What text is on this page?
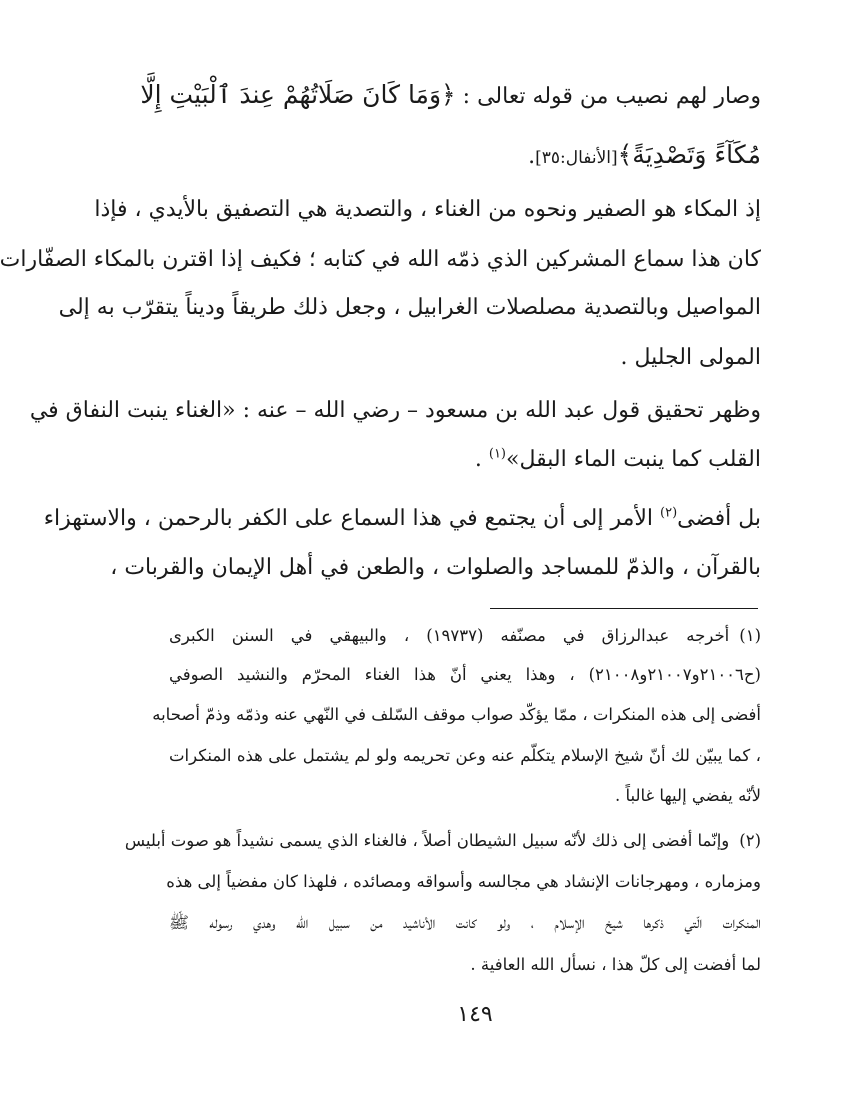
وصار لهم نصيب من قوله تعالى : ﴿وَمَا كَانَ صَلَاتُهُمْ عِندَ ٱلْبَيْتِ إِلَّا
مُكَآءً وَتَصْدِيَةً﴾[الأنفال:٣٥].
إذ المكاء هو الصفير ونحوه من الغناء ، والتصدية هي التصفيق بالأيدي ، فإذا
كان هذا سماع المشركين الذي ذمّه الله في كتابه ؛ فكيف إذا اقترن بالمكاء الصفّارات
المواصيل وبالتصدية مصلصلات الغرابيل ، وجعل ذلك طريقاً وديناً يتقرّب به إلى
المولى الجليل .
وظهر تحقيق قول عبد الله بن مسعود – رضي الله – عنه : «الغناء ينبت النفاق في
القلب كما ينبت الماء البقل»$^{(١)}$ .
بل أفضى$^{(٢)}$ الأمر إلى أن يجتمع في هذا السماع على الكفر بالرحمن ، والاستهزاء
بالقرآن ، والذمّ للمساجد والصلوات ، والطعن في أهل الإيمان والقربات ،
(١)أخرجه عبدالرزاق في مصنّفه (١٩٧٣٧) ، والبيهقي في السنن الكبرى
(ح٢١٠٠٦و٢١٠٠٧و٢١٠٠٨) ، وهذا يعني أنّ هذا الغناء المحرّم والنشيد الصوفي
أفضى إلى هذه المنكرات ، ممّا يؤكّد صواب موقف السّلف في النّهي عنه وذمّه وذمّ أصحابه
، كما يبيّن لك أنّ شيخ الإسلام يتكلّم عنه وعن تحريمه ولو لم يشتمل على هذه المنكرات
لأنّه يفضي إليها غالباً .
(٢)وإنّما أفضى إلى ذلك لأنّه سبيل الشيطان أصلاً ، فالغناء الذي يسمى نشيداً هو صوت أبليس
ومزماره ، ومهرجانات الإنشاد هي مجالسه وأسواقه ومصائده ، فلهذا كان مفضياً إلى هذه
المنكرات الّتي ذكرها شيخ الإسلام ، ولو كانت الأناشيد من سبيل الله وهدي رسوله ﷺ
لما أفضت إلى كلّ هذا ، نسأل الله العافية .
١٤٩
